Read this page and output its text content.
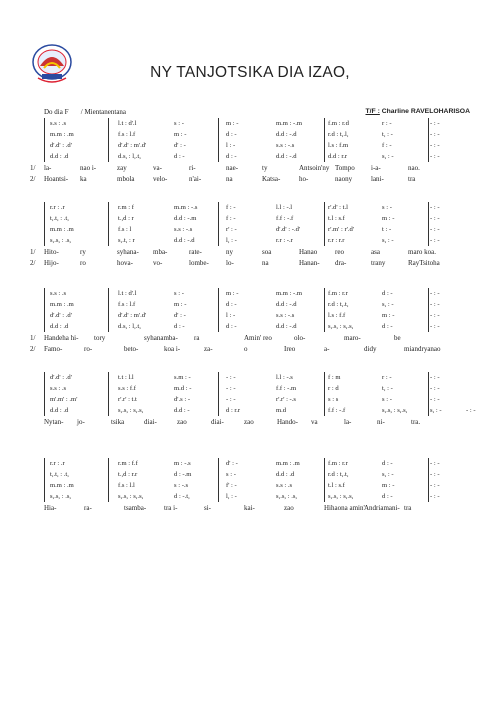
NY TANJOTSIKA DIA IZAO,
Do dia F / Mientanentana	T/F : Charline RAVELOHARISOA
s.s : .s	l.t : d'.l	s : -	m : -	m.m : -.m	f.m : r.d	r : -	- : -
m.m : .m	f.s : l.f	m : -	d : -	d.d : -.d	r.d : t,.l,	t, : -	- : -
d'.d' : .d'	d'.d' : m'.d'	d' : -	l : -	s.s : -.s	l.s : f.m	f : -	- : -
d.d : .d	d.s, : l,.t,	d : -	d : -	d.d : -.d	d.d : r.r	s, : -	- : -
1/ la-	nao i-	zay	va-	ri-	nae-	ty	Antsoin'ny Tompo i-a-	nao.
2/ Hoantsi- ka	mbola	velo-	n'ai-	na	Katsa-	ho-	naony	lani-	tra
r.r : .r	r.m : f	m.m : -.s	f : -	l.l : -.l	r'.d' : t.l	s : -	- : -
t,.t, : .t,	t.,d : r	d.d : -.m	f : -	f.f : -.f	t.l : s.f	m : -	- : -
m.m : .m	f.s : l	s.s : -.s	r' : -	d'.d' : -.d'	r'.m' : r'.d'	t : -	- : -
s,.s, : .s,	s,.t, : r	d.d : -.d	l, : -	r.r : -.r	r.r : r.r	s, : -	- : -
1/ Hito-	ry	syhana- mba-	rate-	ny	soa	Hanao	reo	asa	maro koa.
2/ Hijo-	ro	hova-	vo-	lombe- lo-	na	Hanan- dra-	trany	RayTsitoha
s.s : .s	l.t : d'.l	s : -	m : -	m.m : -.m	f.m : r.r	d : -	- : -
m.m : .m	f.s : l.f	m : -	d : -	d.d : -.d	r.d : t,.t,	s, : -	- : -
d'.d' : .d'	d'.d' : m'.d'	d' : -	l : -	s.s : -.s	l.s : f.f	m : -	- : -
d.d : .d	d.s, : l,.t,	d : -	d : -	d.d : -.d	s,.s, : s,.s,	d : -	- : -
1/ Handeha hi- tory	syhanamba- ra	Amin' reo	olo-	maro-	be
2/ Famo-	ro-	beto-	koa i-	za-	o	Ireo	a-	didy	miandryanao
d'.d' : .d'	t.t : l.l	s.m : -	- : -	l.l : -.s	f : m	r : -	- : -
s.s : .s	s.s : f.f	m.d : -	- : -	f.f : -.m	r : d	t, : -	- : -
m'.m' : .m'	r'.r' : t.t	d'.s : -	- : -	r'.r' : -.s	s : s	s : -	- : -
d.d : .d	s,.s, : s,.s,	d.d : -	d : r.r	m.d	f.f : -.f	s,.s, : s,.s,	s, : -	- : -
Nytan- jo-	tsika	diai-	zao	diai-	zao	Hando- va	la-	ni-	tra.
r.r : .r	r.m : f.f	m : -.s	d' : -	m.m : .m	f.m : r.r	d : -	- : -
t,.t, : .t,	t.,d : r.r	d : -.m	s : -	d.d : .d	r.d : t,.t,	s, : -	- : -
m.m : .m	f.s : l.l	s : -.s	f' : -	s.s : .s	t.l : s.f	m : -	- : -
s,.s, : .s,	s,.s, : s,.s,	d : -.t,	l, : -	s,.s, : .s,	s,.s, : s,.s,	d : -	- : -
Hia-	ra-	tsamba-	tra i-	si-	kai-	zao	Hihaona amin' Andriamani- tra
